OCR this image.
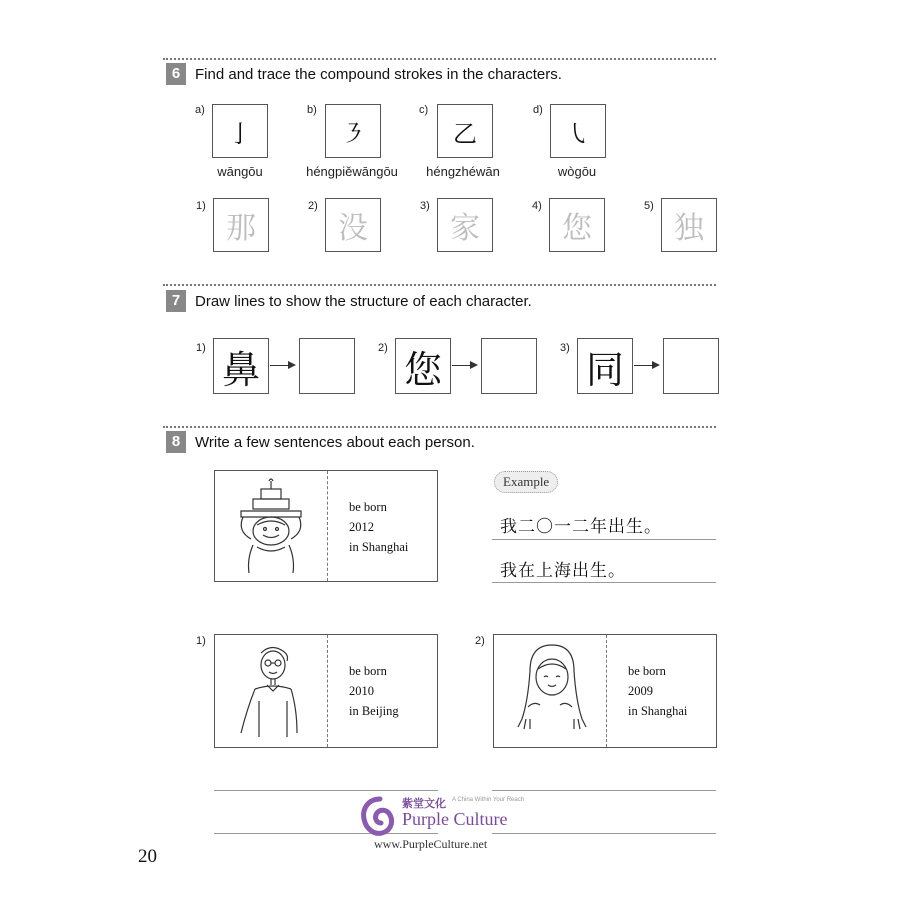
6 Find and trace the compound strokes in the characters.
a)
亅
wāngōu
b)
㇋
héngpiěwāngōu
c)
乙
héngzhéwān
d)
㇂
wògōu
1)
那
2)
没
3)
家
4)
您
5)
独
7 Draw lines to show the structure of each character.
1) 鼻	2) 您	3) 同
8 Write a few sentences about each person.
be born
2012
in Shanghai
Example
我二〇一二年出生。
我在上海出生。
1)
be born
2010
in Beijing
2)
be born
2009
in Shanghai
紫堂文化 A China Within Your Reach
Purple Culture
www.PurpleCulture.net
20
